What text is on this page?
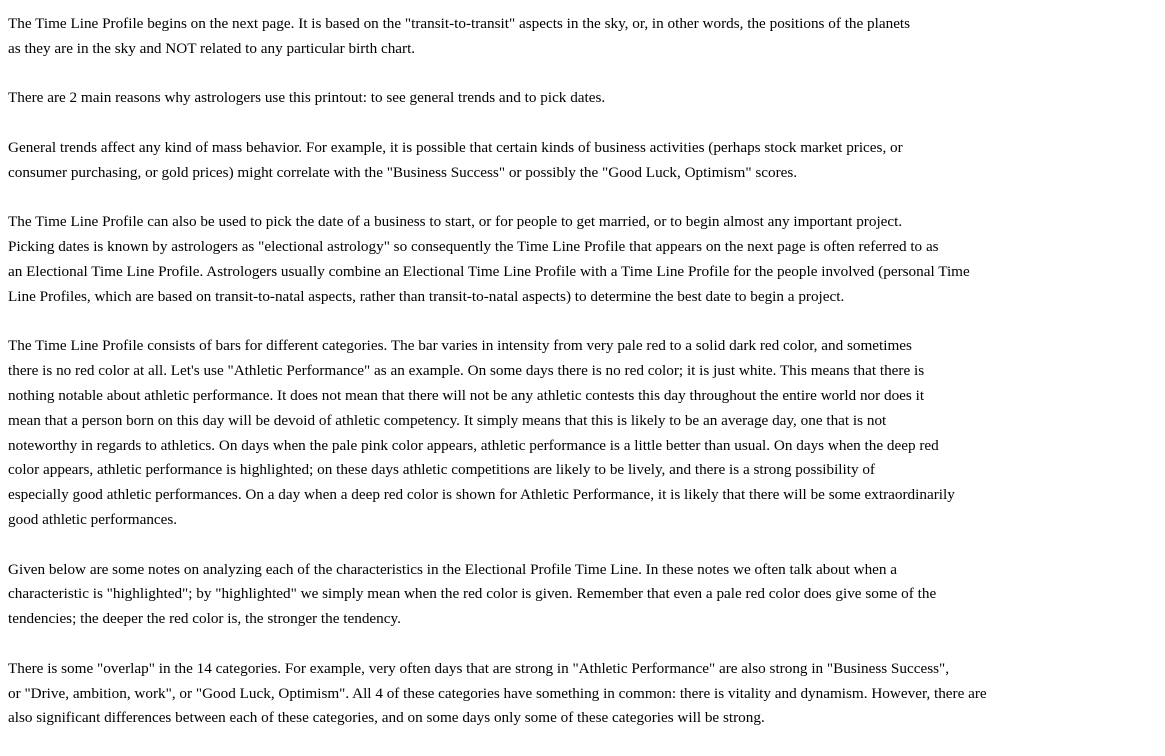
The Time Line Profile begins on the next page. It is based on the "transit-to-transit" aspects in the sky, or, in other words, the positions of the planets
as they are in the sky and NOT related to any particular birth chart.

There are 2 main reasons why astrologers use this printout: to see general trends and to pick dates.

General trends affect any kind of mass behavior. For example, it is possible that certain kinds of business activities (perhaps stock market prices, or
consumer purchasing, or gold prices) might correlate with the "Business Success" or possibly the "Good Luck, Optimism" scores.

The Time Line Profile can also be used to pick the date of a business to start, or for people to get married, or to begin almost any important project.
Picking dates is known by astrologers as "electional astrology" so consequently the Time Line Profile that appears on the next page is often referred to as
an Electional Time Line Profile. Astrologers usually combine an Electional Time Line Profile with a Time Line Profile for the people involved (personal Time
Line Profiles, which are based on transit-to-natal aspects, rather than transit-to-natal aspects) to determine the best date to begin a project.

The Time Line Profile consists of bars for different categories. The bar varies in intensity from very pale red to a solid dark red color, and sometimes
there is no red color at all. Let's use "Athletic Performance" as an example. On some days there is no red color; it is just white. This means that there is
nothing notable about athletic performance. It does not mean that there will not be any athletic contests this day throughout the entire world nor does it
mean that a person born on this day will be devoid of athletic competency. It simply means that this is likely to be an average day, one that is not
noteworthy in regards to athletics. On days when the pale pink color appears, athletic performance is a little better than usual. On days when the deep red
color appears, athletic performance is highlighted; on these days athletic competitions are likely to be lively, and there is a strong possibility of
especially good athletic performances. On a day when a deep red color is shown for Athletic Performance, it is likely that there will be some extraordinarily
good athletic performances.

Given below are some notes on analyzing each of the characteristics in the Electional Profile Time Line. In these notes we often talk about when a
characteristic is "highlighted"; by "highlighted" we simply mean when the red color is given. Remember that even a pale red color does give some of the
tendencies; the deeper the red color is, the stronger the tendency.

There is some "overlap" in the 14 categories. For example, very often days that are strong in "Athletic Performance" are also strong in "Business Success",
or "Drive, ambition, work", or "Good Luck, Optimism". All 4 of these categories have something in common: there is vitality and dynamism. However, there are
also significant differences between each of these categories, and on some days only some of these categories will be strong.
